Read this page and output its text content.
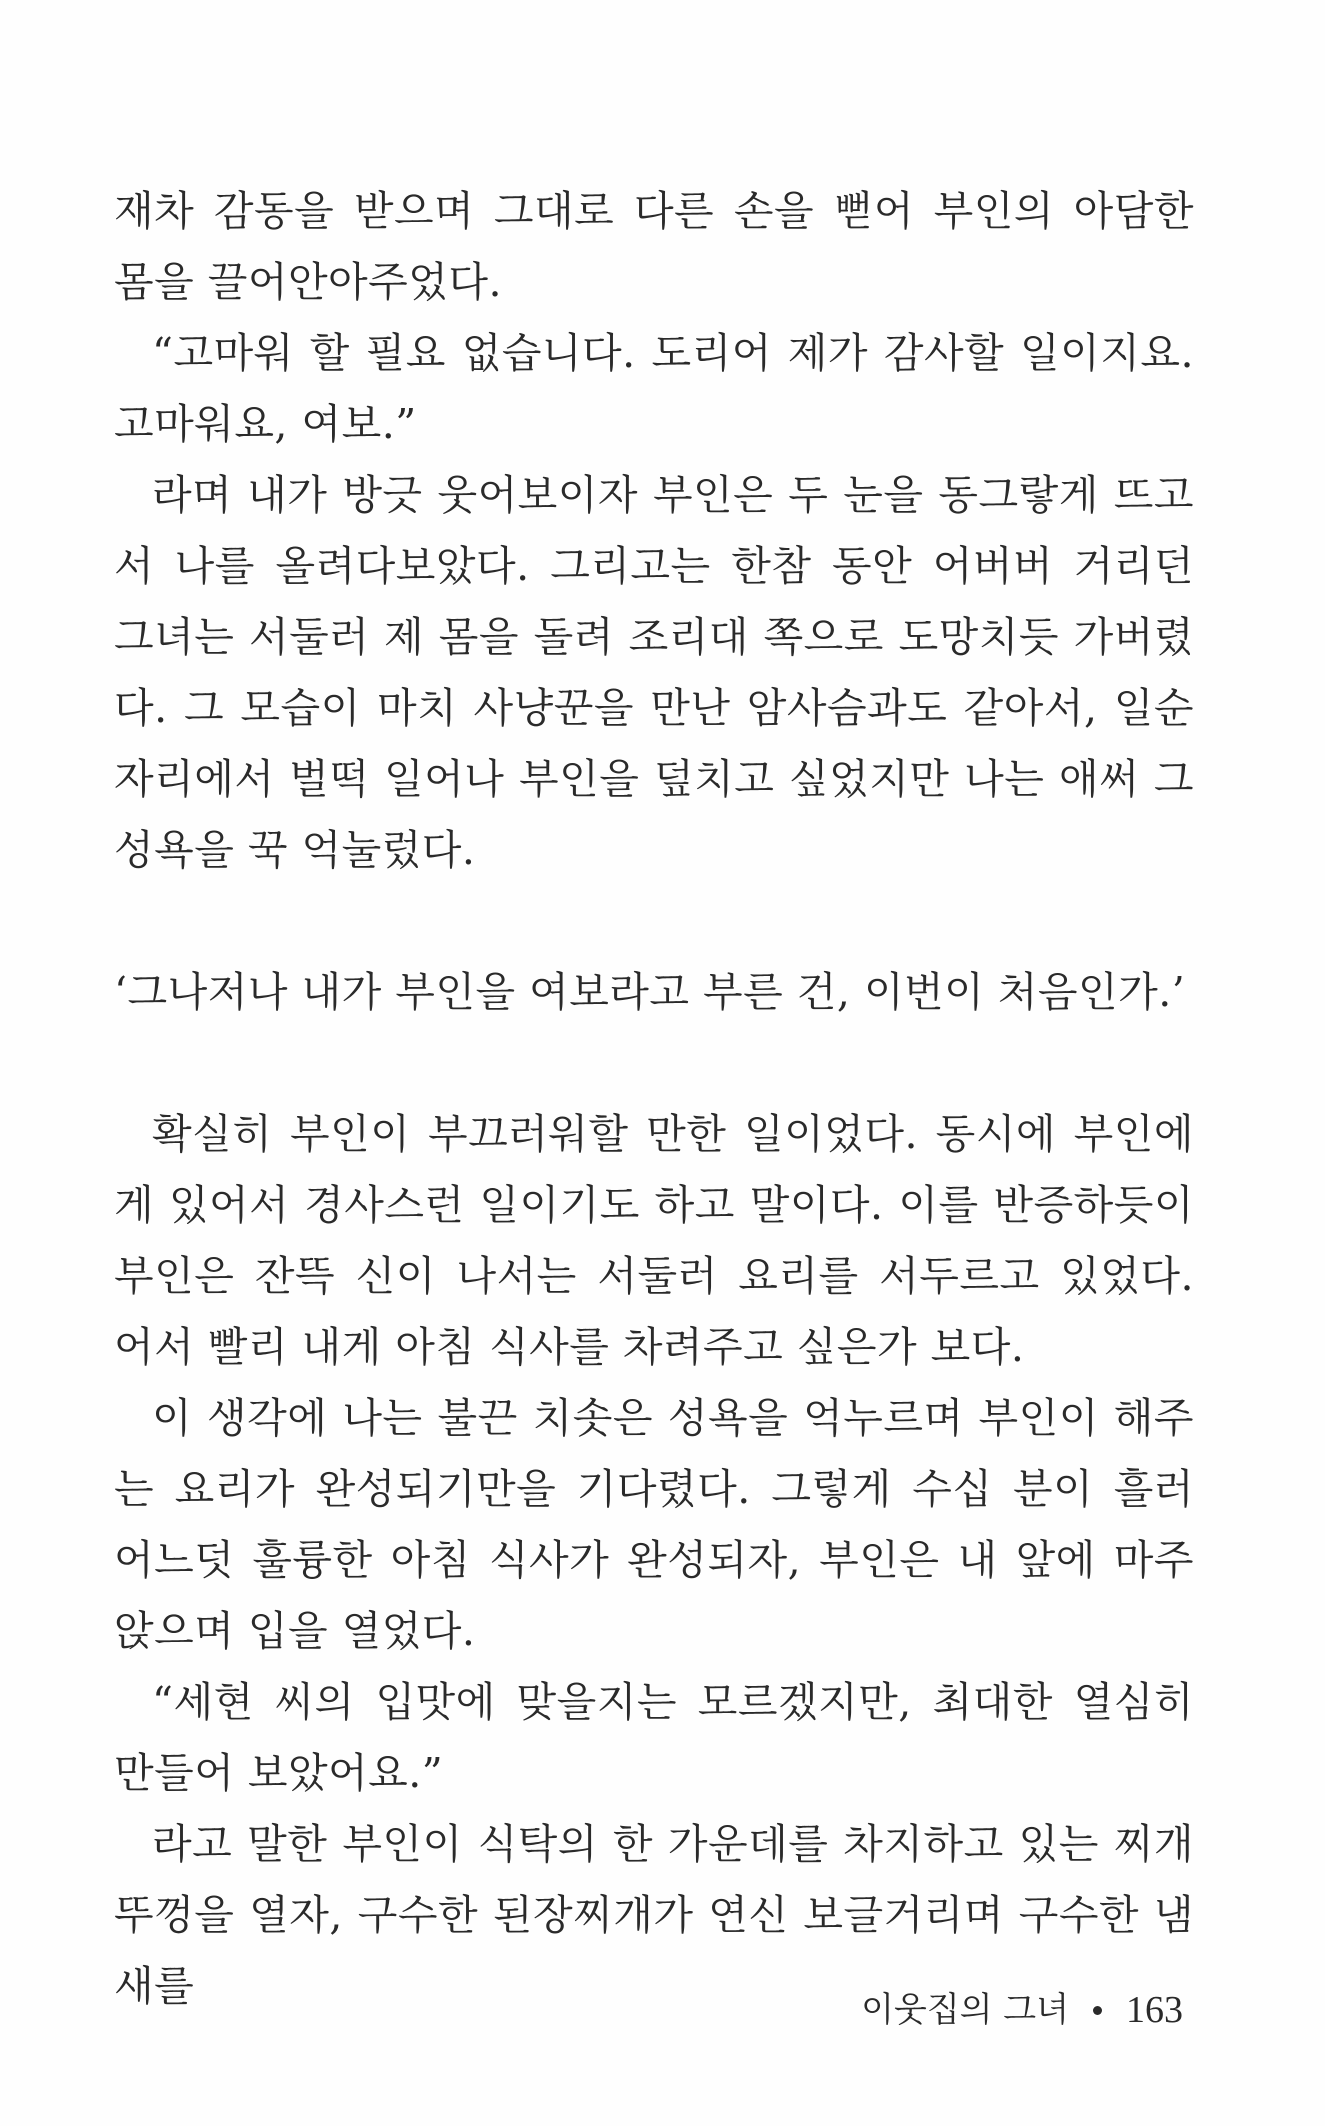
재차 감동을 받으며 그대로 다른 손을 뻗어 부인의 아담한 몸을 끌어안아주었다.

“고마워 할 필요 없습니다. 도리어 제가 감사할 일이지요. 고마워요, 여보.”

라며 내가 방긋 웃어보이자 부인은 두 눈을 동그랗게 뜨고서 나를 올려다보았다. 그리고는 한참 동안 어버버 거리던 그녀는 서둘러 제 몸을 돌려 조리대 쪽으로 도망치듯 가버렸다. 그 모습이 마치 사냥꾼을 만난 암사슴과도 같아서, 일순 자리에서 벌떡 일어나 부인을 덮치고 싶었지만 나는 애써 그 성욕을 꾹 억눌렀다.

‘그나저나 내가 부인을 여보라고 부른 건, 이번이 처음인가.’

확실히 부인이 부끄러워할 만한 일이었다. 동시에 부인에게 있어서 경사스런 일이기도 하고 말이다. 이를 반증하듯이 부인은 잔뜩 신이 나서는 서둘러 요리를 서두르고 있었다. 어서 빨리 내게 아침 식사를 차려주고 싶은가 보다.

이 생각에 나는 불끈 치솟은 성욕을 억누르며 부인이 해주는 요리가 완성되기만을 기다렸다. 그렇게 수십 분이 흘러 어느덧 훌륭한 아침 식사가 완성되자, 부인은 내 앞에 마주 앉으며 입을 열었다.

“세현 씨의 입맛에 맞을지는 모르겠지만, 최대한 열심히 만들어 보았어요.”

라고 말한 부인이 식탁의 한 가운데를 차지하고 있는 찌개 뚜껑을 열자, 구수한 된장찌개가 연신 보글거리며 구수한 냄새를	이웃집의 그녀 163
